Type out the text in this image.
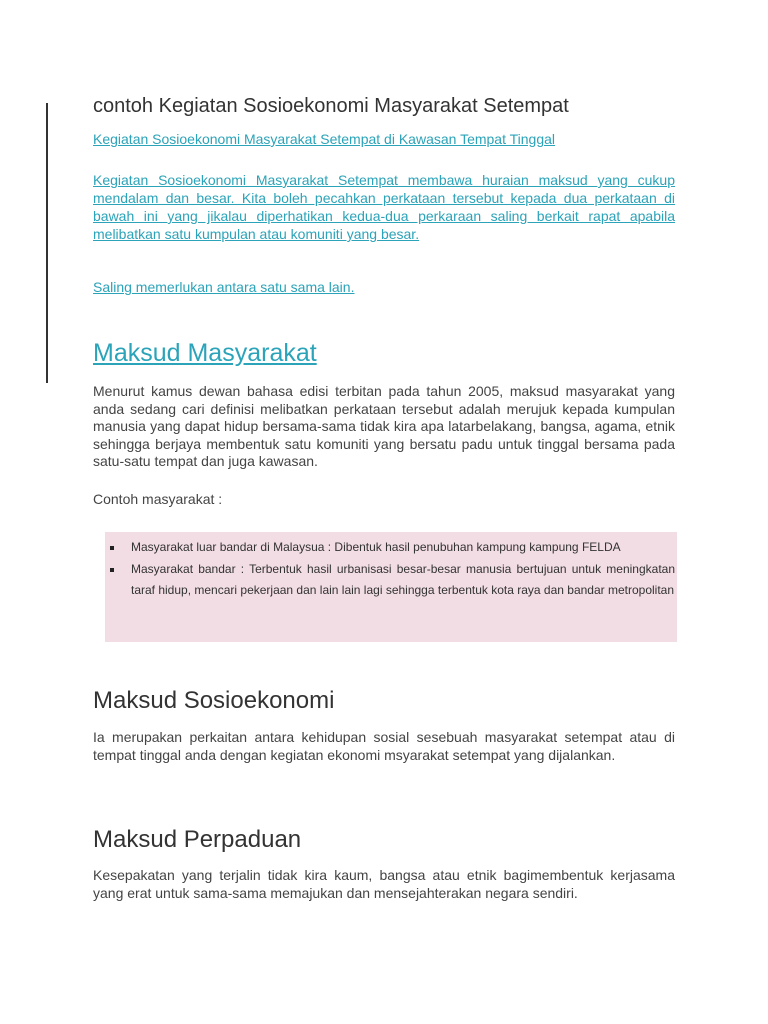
contoh Kegiatan Sosioekonomi Masyarakat Setempat
Kegiatan Sosioekonomi Masyarakat Setempat di Kawasan Tempat Tinggal
Kegiatan Sosioekonomi Masyarakat Setempat membawa huraian maksud yang cukup mendalam dan besar. Kita boleh pecahkan perkataan tersebut kepada dua perkataan di bawah ini yang jikalau diperhatikan kedua-dua perkaraan saling berkait rapat apabila melibatkan satu kumpulan atau komuniti yang besar.
Saling memerlukan antara satu sama lain.
Maksud Masyarakat
Menurut kamus dewan bahasa edisi terbitan pada tahun 2005, maksud masyarakat yang anda sedang cari definisi melibatkan perkataan tersebut adalah merujuk kepada kumpulan manusia yang dapat hidup bersama-sama tidak kira apa latarbelakang, bangsa, agama, etnik sehingga berjaya membentuk satu komuniti yang bersatu padu untuk tinggal bersama pada satu-satu tempat dan juga kawasan.
Contoh masyarakat :
Masyarakat luar bandar di Malaysua : Dibentuk hasil penubuhan kampung kampung FELDA
Masyarakat bandar : Terbentuk hasil urbanisasi besar-besar manusia bertujuan untuk meningkatan taraf hidup, mencari pekerjaan dan lain lain lagi sehingga terbentuk kota raya dan bandar metropolitan
Maksud Sosioekonomi
Ia merupakan perkaitan antara kehidupan sosial sesebuah masyarakat setempat atau di tempat tinggal anda dengan kegiatan ekonomi msyarakat setempat yang dijalankan.
Maksud Perpaduan
Kesepakatan yang terjalin tidak kira kaum, bangsa atau etnik bagimembentuk kerjasama yang erat untuk sama-sama memajukan dan mensejahterakan negara sendiri.
